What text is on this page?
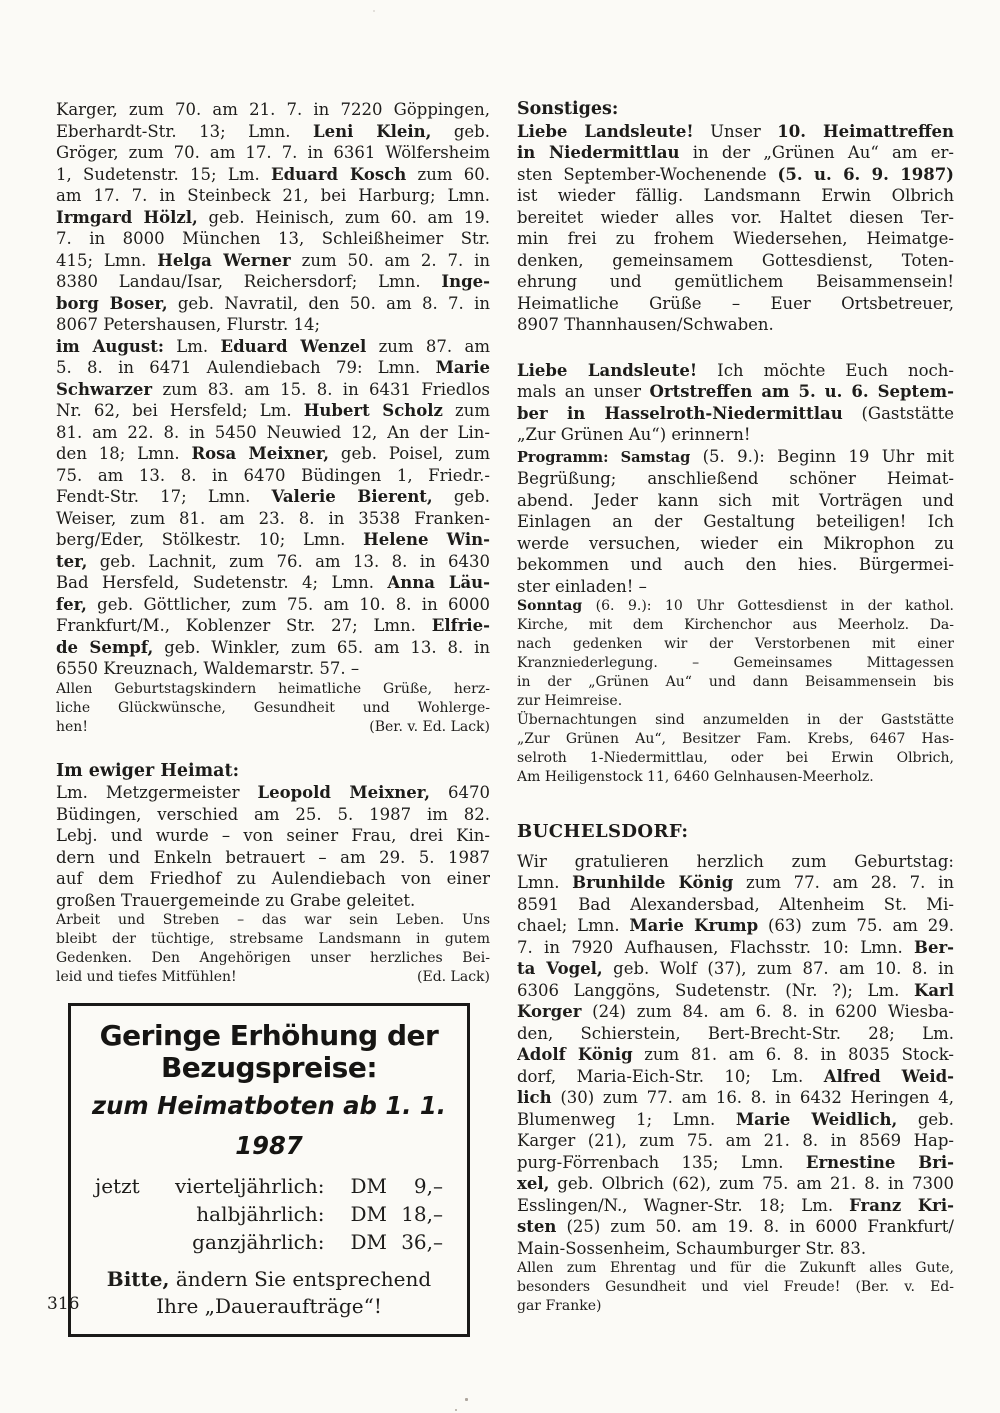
Karger, zum 70. am 21. 7. in 7220 Göppingen,
Eberhardt-Str. 13; Lmn. Leni Klein, geb.
Gröger, zum 70. am 17. 7. in 6361 Wölfersheim
1, Sudetenstr. 15; Lm. Eduard Kosch zum 60.
am 17. 7. in Steinbeck 21, bei Harburg; Lmn.
Irmgard Hölzl, geb. Heinisch, zum 60. am 19.
7. in 8000 München 13, Schleißheimer Str.
415; Lmn. Helga Werner zum 50. am 2. 7. in
8380 Landau/Isar, Reichersdorf; Lmn. Inge-
borg Boser, geb. Navratil, den 50. am 8. 7. in
8067 Petershausen, Flurstr. 14;
im August: Lm. Eduard Wenzel zum 87. am
5. 8. in 6471 Aulendiebach 79: Lmn. Marie
Schwarzer zum 83. am 15. 8. in 6431 Friedlos
Nr. 62, bei Hersfeld; Lm. Hubert Scholz zum
81. am 22. 8. in 5450 Neuwied 12, An der Lin-
den 18; Lmn. Rosa Meixner, geb. Poisel, zum
75. am 13. 8. in 6470 Büdingen 1, Friedr.-
Fendt-Str. 17; Lmn. Valerie Bierent, geb.
Weiser, zum 81. am 23. 8. in 3538 Franken-
berg/Eder, Stölkestr. 10; Lmn. Helene Win-
ter, geb. Lachnit, zum 76. am 13. 8. in 6430
Bad Hersfeld, Sudetenstr. 4; Lmn. Anna Läu-
fer, geb. Göttlicher, zum 75. am 10. 8. in 6000
Frankfurt/M., Koblenzer Str. 27; Lmn. Elfrie-
de Sempf, geb. Winkler, zum 65. am 13. 8. in
6550 Kreuznach, Waldemarstr. 57. –
Allen Geburtstagskindern heimatliche Grüße, herz-
liche Glückwünsche, Gesundheit und Wohlerge-
hen!	(Ber. v. Ed. Lack)
Im ewiger Heimat:
Lm. Metzgermeister Leopold Meixner, 6470
Büdingen, verschied am 25. 5. 1987 im 82.
Lebj. und wurde – von seiner Frau, drei Kin-
dern und Enkeln betrauert – am 29. 5. 1987
auf dem Friedhof zu Aulendiebach von einer
großen Trauergemeinde zu Grabe geleitet.
Arbeit und Streben – das war sein Leben. Uns
bleibt der tüchtige, strebsame Landsmann in gutem
Gedenken. Den Angehörigen unser herzliches Bei-
leid und tiefes Mitfühlen!	(Ed. Lack)
Geringe Erhöhung der
Bezugspreise:
zum Heimatboten ab 1. 1. 1987
jetzt	vierteljährlich: DM	9,–
halbjährlich: DM 18,–
ganzjährlich: DM 36,–
Bitte, ändern Sie entsprechend
Ihre „Daueraufträge“!
Sonstiges:
Liebe Landsleute! Unser 10. Heimattreffen
in Niedermittlau in der „Grünen Au“ am er-
sten September-Wochenende (5. u. 6. 9. 1987)
ist wieder fällig. Landsmann Erwin Olbrich
bereitet wieder alles vor. Haltet diesen Ter-
min frei zu frohem Wiedersehen, Heimatge-
denken, gemeinsamem Gottesdienst, Toten-
ehrung und gemütlichem Beisammensein!
Heimatliche Grüße – Euer Ortsbetreuer,
8907 Thannhausen/Schwaben.
Liebe Landsleute! Ich möchte Euch noch-
mals an unser Ortstreffen am 5. u. 6. Septem-
ber in Hasselroth-Niedermittlau (Gaststätte
„Zur Grünen Au“) erinnern!
Programm: Samstag (5. 9.): Beginn 19 Uhr mit
Begrüßung; anschließend schöner Heimat-
abend. Jeder kann sich mit Vorträgen und
Einlagen an der Gestaltung beteiligen! Ich
werde versuchen, wieder ein Mikrophon zu
bekommen und auch den hies. Bürgermei-
ster einladen! –
Sonntag (6. 9.): 10 Uhr Gottesdienst in der kathol.
Kirche, mit dem Kirchenchor aus Meerholz. Da-
nach gedenken wir der Verstorbenen mit einer
Kranzniederlegung. – Gemeinsames Mittagessen
in der „Grünen Au“ und dann Beisammensein bis
zur Heimreise.
Übernachtungen sind anzumelden in der Gaststätte
„Zur Grünen Au“, Besitzer Fam. Krebs, 6467 Has-
selroth 1-Niedermittlau, oder bei Erwin Olbrich,
Am Heiligenstock 11, 6460 Gelnhausen-Meerholz.
BUCHELSDORF:
Wir gratulieren herzlich zum Geburtstag:
Lmn. Brunhilde König zum 77. am 28. 7. in
8591 Bad Alexandersbad, Altenheim St. Mi-
chael; Lmn. Marie Krump (63) zum 75. am 29.
7. in 7920 Aufhausen, Flachsstr. 10: Lmn. Ber-
ta Vogel, geb. Wolf (37), zum 87. am 10. 8. in
6306 Langgöns, Sudetenstr. (Nr. ?); Lm. Karl
Korger (24) zum 84. am 6. 8. in 6200 Wiesba-
den, Schierstein, Bert-Brecht-Str. 28; Lm.
Adolf König zum 81. am 6. 8. in 8035 Stock-
dorf, Maria-Eich-Str. 10; Lm. Alfred Weid-
lich (30) zum 77. am 16. 8. in 6432 Heringen 4,
Blumenweg 1; Lmn. Marie Weidlich, geb.
Karger (21), zum 75. am 21. 8. in 8569 Hap-
purg-Förrenbach 135; Lmn. Ernestine Bri-
xel, geb. Olbrich (62), zum 75. am 21. 8. in 7300
Esslingen/N., Wagner-Str. 18; Lm. Franz Kri-
sten (25) zum 50. am 19. 8. in 6000 Frankfurt/
Main-Sossenheim, Schaumburger Str. 83.
Allen zum Ehrentag und für die Zukunft alles Gute,
besonders Gesundheit und viel Freude! (Ber. v. Ed-
gar Franke)
316
